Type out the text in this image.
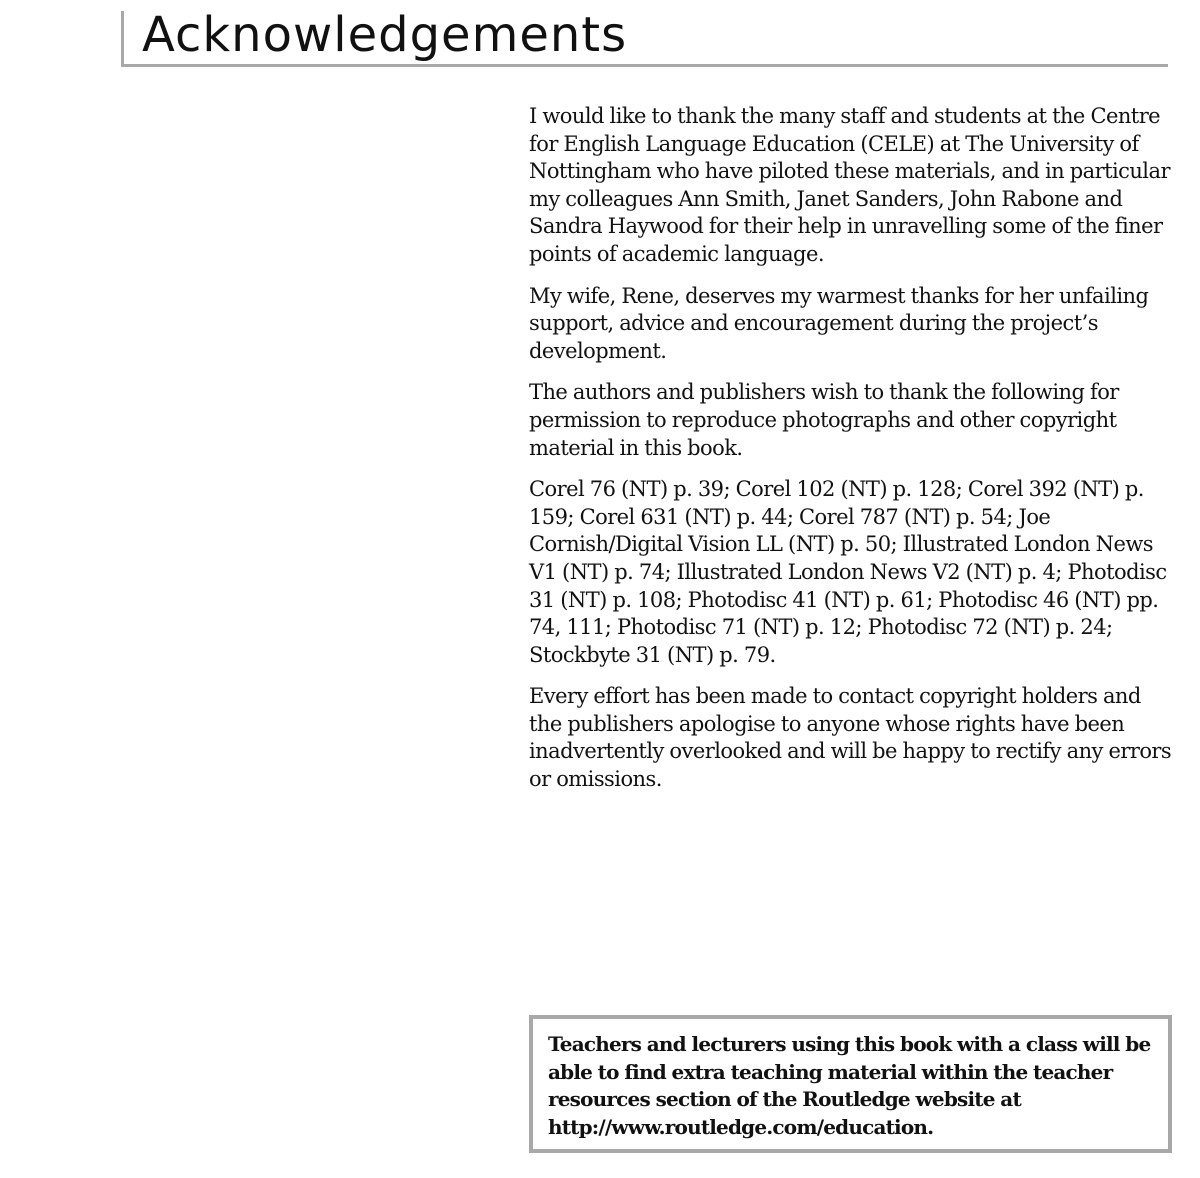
Acknowledgements

I would like to thank the many staff and students at the Centre for English Language Education (CELE) at The University of Nottingham who have piloted these materials, and in particular my colleagues Ann Smith, Janet Sanders, John Rabone and Sandra Haywood for their help in unravelling some of the finer points of academic language.

My wife, Rene, deserves my warmest thanks for her unfailing support, advice and encouragement during the project’s development.

The authors and publishers wish to thank the following for permission to reproduce photographs and other copyright material in this book.

Corel 76 (NT) p. 39; Corel 102 (NT) p. 128; Corel 392 (NT) p. 159; Corel 631 (NT) p. 44; Corel 787 (NT) p. 54; Joe Cornish/Digital Vision LL (NT) p. 50; Illustrated London News V1 (NT) p. 74; Illustrated London News V2 (NT) p. 4; Photodisc 31 (NT) p. 108; Photodisc 41 (NT) p. 61; Photodisc 46 (NT) pp. 74, 111; Photodisc 71 (NT) p. 12; Photodisc 72 (NT) p. 24; Stockbyte 31 (NT) p. 79.

Every effort has been made to contact copyright holders and the publishers apologise to anyone whose rights have been inadvertently overlooked and will be happy to rectify any errors or omissions.

Teachers and lecturers using this book with a class will be able to find extra teaching material within the teacher resources section of the Routledge website at http://www.routledge.com/education.
